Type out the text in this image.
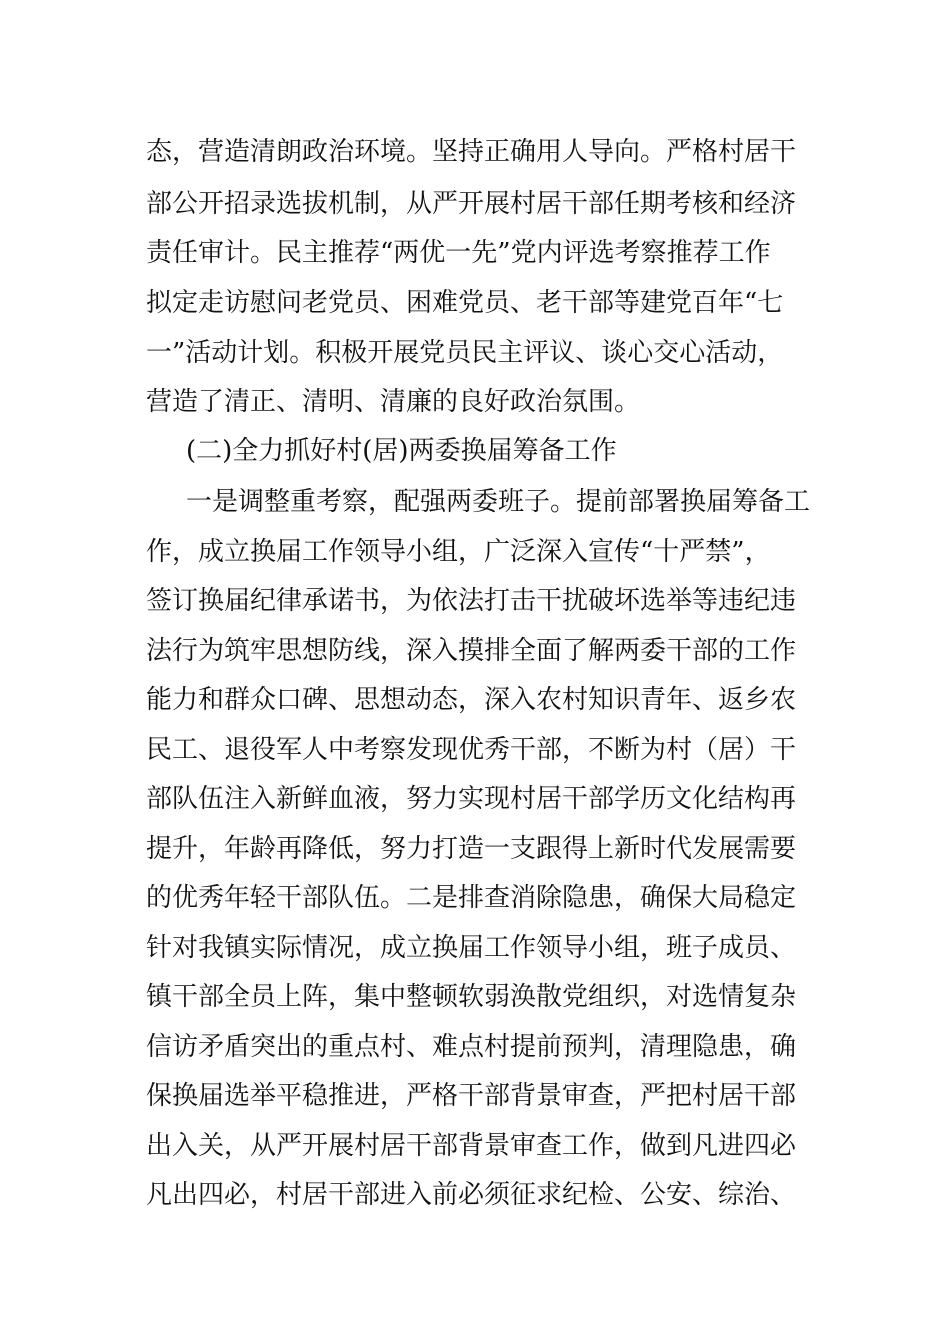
态，营造清朗政治环境。坚持正确用人导向。严格村居干
部公开招录选拔机制，从严开展村居干部任期考核和经济
责任审计。民主推荐“两优一先”党内评选考察推荐工作
拟定走访慰问老党员、困难党员、老干部等建党百年“七
一”活动计划。积极开展党员民主评议、谈心交心活动，
营造了清正、清明、清廉的良好政治氛围。
(二)全力抓好村(居)两委换届筹备工作
一是调整重考察，配强两委班子。提前部署换届筹备工
作，成立换届工作领导小组，广泛深入宣传“十严禁”，
签订换届纪律承诺书，为依法打击干扰破坏选举等违纪违
法行为筑牢思想防线，深入摸排全面了解两委干部的工作
能力和群众口碑、思想动态，深入农村知识青年、返乡农
民工、退役军人中考察发现优秀干部，不断为村（居）干
部队伍注入新鲜血液，努力实现村居干部学历文化结构再
提升，年龄再降低，努力打造一支跟得上新时代发展需要
的优秀年轻干部队伍。二是排查消除隐患，确保大局稳定
针对我镇实际情况，成立换届工作领导小组，班子成员、
镇干部全员上阵，集中整顿软弱涣散党组织，对选情复杂
信访矛盾突出的重点村、难点村提前预判，清理隐患，确
保换届选举平稳推进，严格干部背景审查，严把村居干部
出入关，从严开展村居干部背景审查工作，做到凡进四必
凡出四必，村居干部进入前必须征求纪检、公安、综治、
